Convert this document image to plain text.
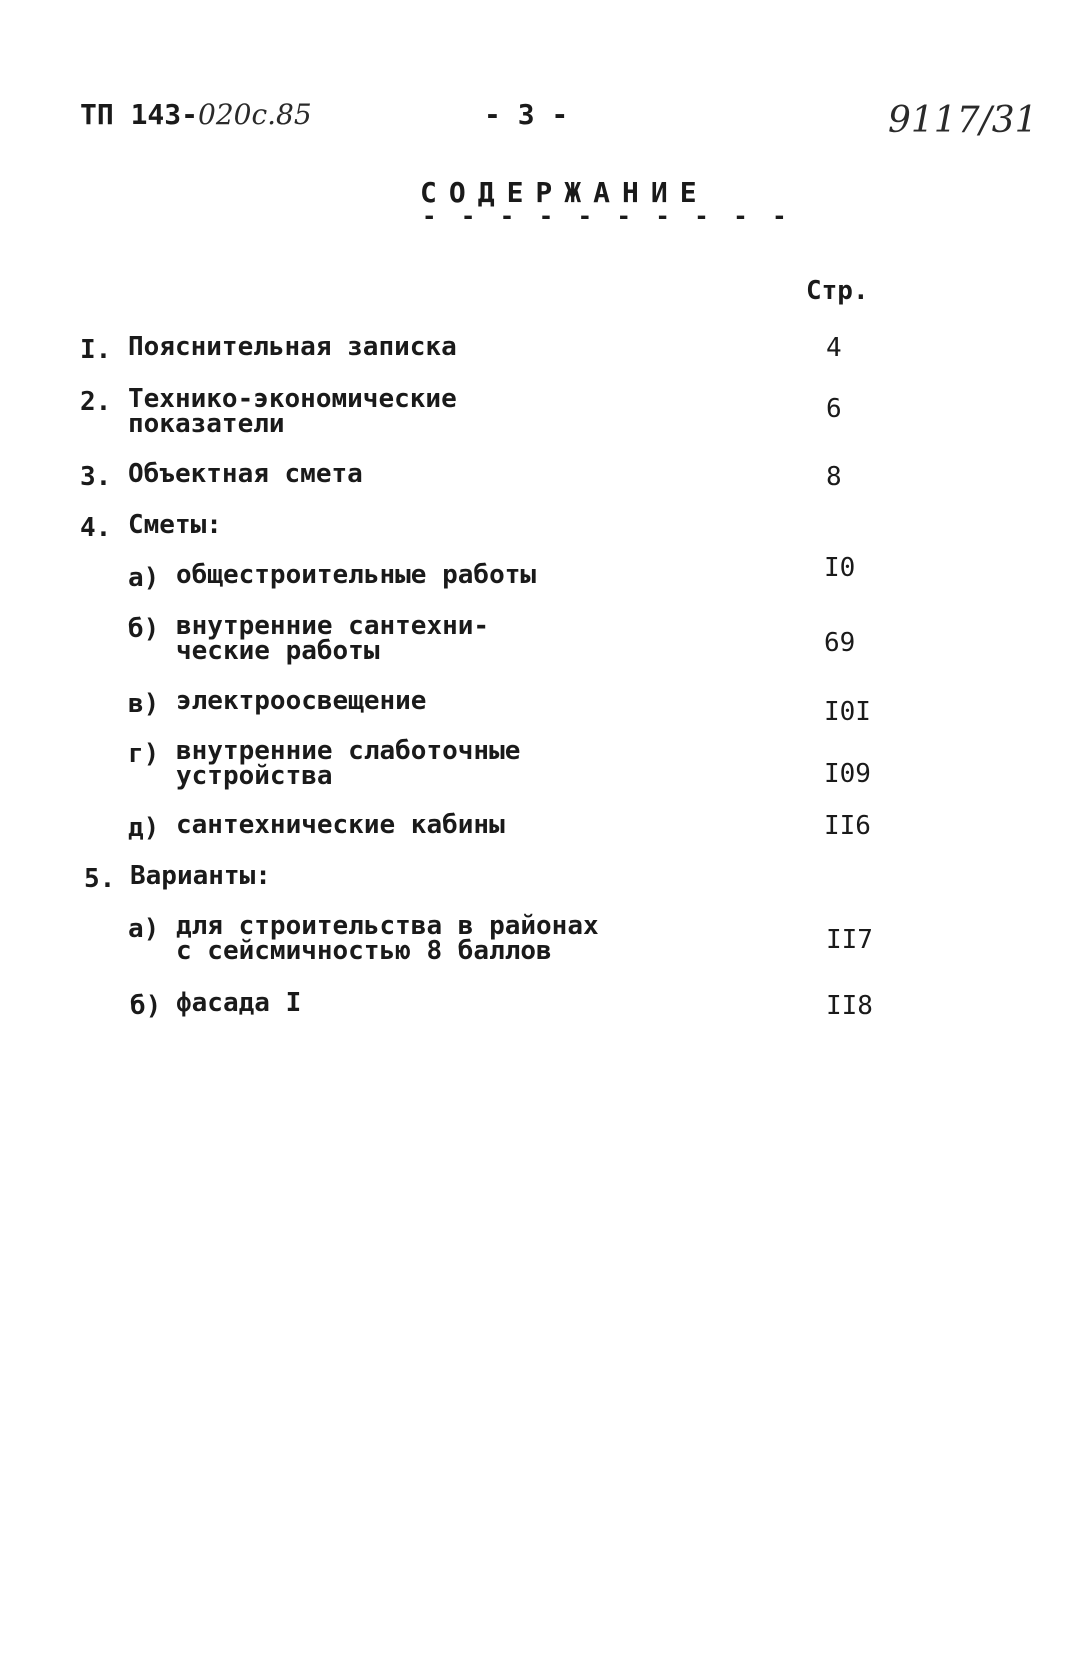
ТП 143-020с.85	- 3 -	9117/31
СОДЕРЖАНИЕ
- - - - - - - - - -
Стр.
I. Пояснительная записка	4
2. Технико-экономические
показатели	6
3. Объектная смета	8
4. Сметы:
а) общестроительные работы	I0
б) внутренние сантехни-
ческие работы	69
в) электроосвещение	I0I
г) внутренние слаботочные
устройства	I09
д) сантехнические кабины	II6
5. Варианты:
а) для строительства в районах
с сейсмичностью 8 баллов	II7
б) фасада I	II8
